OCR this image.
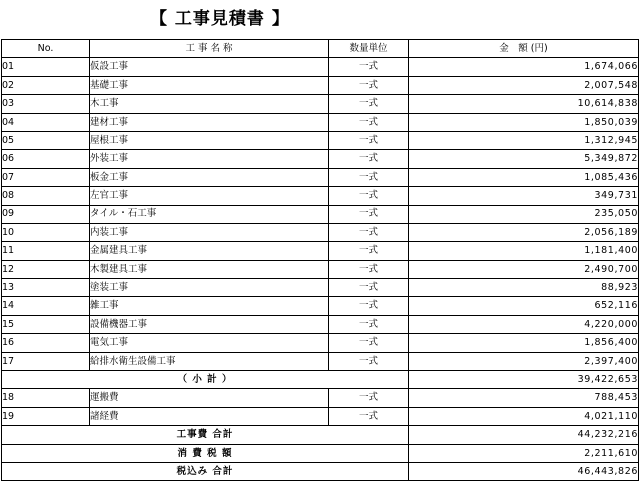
【 工事見積書 】
No.	工 事 名 称	数量単位	金　額 (円)
01	仮設工事	一式	1,674,066
02	基礎工事	一式	2,007,548
03	木工事	一式	10,614,838
04	建材工事	一式	1,850,039
05	屋根工事	一式	1,312,945
06	外装工事	一式	5,349,872
07	板金工事	一式	1,085,436
08	左官工事	一式	349,731
09	タイル・石工事	一式	235,050
10	内装工事	一式	2,056,189
11	金属建具工事	一式	1,181,400
12	木製建具工事	一式	2,490,700
13	塗装工事	一式	88,923
14	雑工事	一式	652,116
15	設備機器工事	一式	4,220,000
16	電気工事	一式	1,856,400
17	給排水衛生設備工事	一式	2,397,400
（ 小 計 ）			39,422,653
18	運搬費	一式	788,453
19	諸経費	一式	4,021,110
工事費 合計			44,232,216
消 費 税 額			2,211,610
税込み 合計			46,443,826
